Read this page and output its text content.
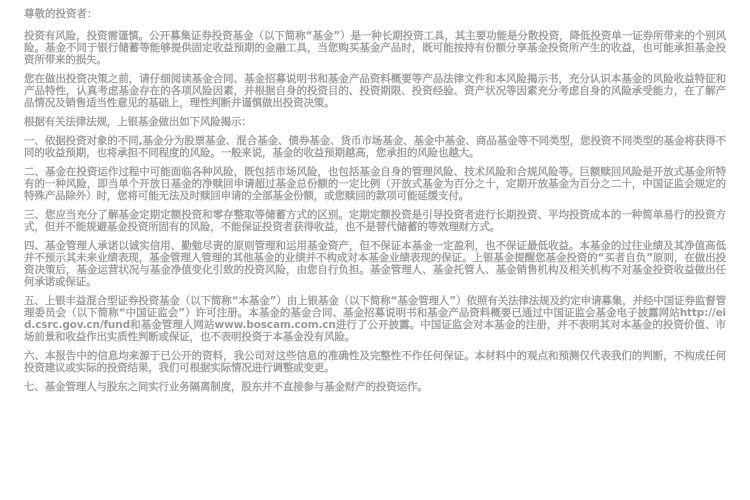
尊敬的投资者：

投资有风险，投资需谨慎。公开募集证券投资基金（以下简称“基金”）是一种长期投资工具，其主要功能是分散投资，降低投资单一证券所带来的个别风险。基金不同于银行储蓄等能够提供固定收益预期的金融工具，当您购买基金产品时，既可能按持有份额分享基金投资所产生的收益，也可能承担基金投资所带来的损失。

您在做出投资决策之前，请仔细阅读基金合同、基金招募说明书和基金产品资料概要等产品法律文件和本风险揭示书，充分认识本基金的风险收益特征和产品特性，认真考虑基金存在的各项风险因素，并根据自身的投资目的、投资期限、投资经验、资产状况等因素充分考虑自身的风险承受能力，在了解产品情况及销售适当性意见的基础上，理性判断并谨慎做出投资决策。

根据有关法律法规，上银基金做出如下风险揭示：

一、依据投资对象的不同,基金分为股票基金、混合基金、债券基金、货币市场基金、基金中基金、商品基金等不同类型，您投资不同类型的基金将获得不同的收益预期，也将承担不同程度的风险。一般来说，基金的收益预期越高，您承担的风险也越大。

二、基金在投资运作过程中可能面临各种风险，既包括市场风险，也包括基金自身的管理风险、技术风险和合规风险等。巨额赎回风险是开放式基金所特有的一种风险，即当单个开放日基金的净赎回申请超过基金总份额的一定比例（开放式基金为百分之十，定期开放基金为百分之二十，中国证监会规定的特殊产品除外）时，您将可能无法及时赎回申请的全部基金份额，或您赎回的款项可能延缓支付。

三、您应当充分了解基金定期定额投资和零存整取等储蓄方式的区别。定期定额投资是引导投资者进行长期投资、平均投资成本的一种简单易行的投资方式，但并不能规避基金投资所固有的风险，不能保证投资者获得收益，也不是替代储蓄的等效理财方式。

四、基金管理人承诺以诚实信用、勤勉尽责的原则管理和运用基金资产，但不保证本基金一定盈利，也不保证最低收益。本基金的过往业绩及其净值高低并不预示其未来业绩表现，基金管理人管理的其他基金的业绩并不构成对本基金业绩表现的保证。上银基金提醒您基金投资的“买者自负”原则，在做出投资决策后，基金运营状况与基金净值变化引致的投资风险，由您自行负担。基金管理人、基金托管人、基金销售机构及相关机构不对基金投资收益做出任何承诺或保证。

五、上银丰益混合型证券投资基金（以下简称“本基金”）由上银基金（以下简称“基金管理人”）依照有关法律法规及约定申请募集，并经中国证券监督管理委员会（以下简称“中国证监会”）许可注册。本基金的基金合同、基金招募说明书和基金产品资料概要已通过中国证监会基金电子披露网站http://eid.csrc.gov.cn/fund和基金管理人网站www.boscam.com.cn进行了公开披露。中国证监会对本基金的注册，并不表明其对本基金的投资价值、市场前景和收益作出实质性判断或保证，也不表明投资于本基金没有风险。

六、本报告中的信息均来源于已公开的资料，我公司对这些信息的准确性及完整性不作任何保证。本材料中的观点和预测仅代表我们的判断，不构成任何投资建议或实际的投资结果，我们可根据实际情况进行调整或变更。

七、基金管理人与股东之间实行业务隔离制度，股东并不直接参与基金财产的投资运作。
